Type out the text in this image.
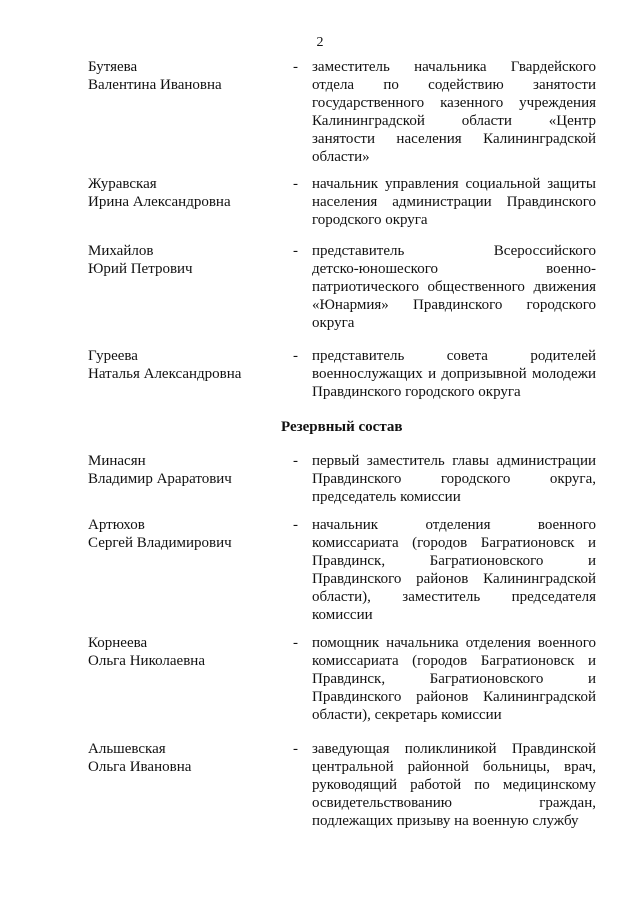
2
Бутяева
Валентина Ивановна
- заместитель начальника Гвардейского
отдела по содействию занятости
государственного казенного учреждения
Калининградской области «Центр
занятости населения Калининградской
области»
Журавская
Ирина Александровна
- начальник управления социальной защиты
населения администрации Правдинского
городского округа
Михайлов
Юрий Петрович
- представитель Всероссийского
детско-юношеского военно-
патриотического общественного движения
«Юнармия» Правдинского городского
округа
Гуреева
Наталья Александровна
- представитель совета родителей
военнослужащих и допризывной молодежи
Правдинского городского округа
Резервный состав
Минасян
Владимир Араратович
- первый заместитель главы администрации
Правдинского городского округа,
председатель комиссии
Артюхов
Сергей Владимирович
- начальник отделения военного
комиссариата (городов Багратионовск и
Правдинск, Багратионовского и
Правдинского районов Калининградской
области), заместитель председателя
комиссии
Корнеева
Ольга Николаевна
- помощник начальника отделения военного
комиссариата (городов Багратионовск и
Правдинск, Багратионовского и
Правдинского районов Калининградской
области), секретарь комиссии
Альшевская
Ольга Ивановна
- заведующая поликлиникой Правдинской
центральной районной больницы, врач,
руководящий работой по медицинскому
освидетельствованию граждан,
подлежащих призыву на военную службу
